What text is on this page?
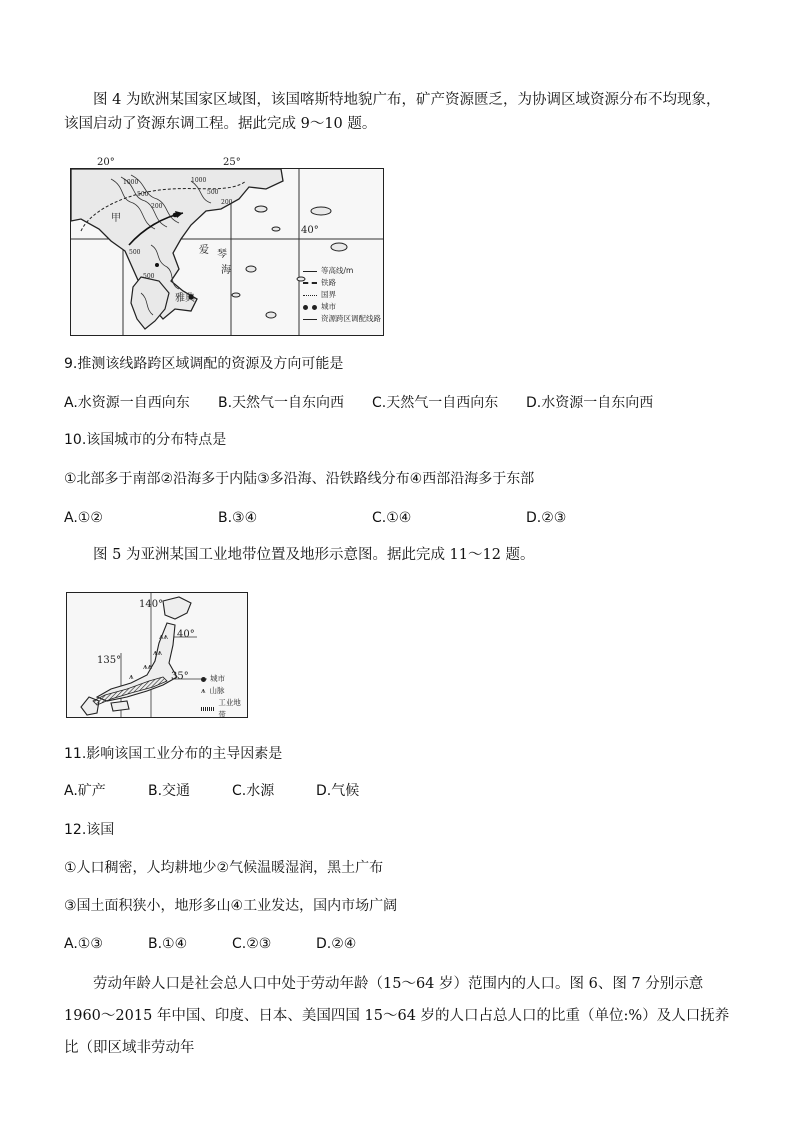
图 4 为欧洲某国家区域图，该国喀斯特地貌广布，矿产资源匮乏，为协调区域资源分布不均现象，该国启动了资源东调工程。据此完成 9～10 题。
20°	25°
40°
甲
爱 琴
海
雅典
1000
500
200
1000
500
200
500
500
等高线/m
铁路
国界
城市
资源跨区调配线路
9.推测该线路跨区域调配的资源及方向可能是
A.水资源一自西向东	B.天然气一自东向西	C.天然气一自西向东	D.水资源一自东向西
10.该国城市的分布特点是
①北部多于南部②沿海多于内陆③多沿海、沿铁路线分布④西部沿海多于东部
A.①②	B.③④	C.①④	D.②③
图 5 为亚洲某国工业地带位置及地形示意图。据此完成 11～12 题。
⩚⩚
⩚⩚
⩚⩚
⩚
140°
40°
135°
35°	城市
⩚ 山脉
工业地带
11.影响该国工业分布的主导因素是
A.矿产	B.交通	C.水源	D.气候
12.该国
①人口稠密，人均耕地少②气候温暖湿润，黑土广布
③国土面积狭小，地形多山④工业发达，国内市场广阔
A.①③	B.①④	C.②③	D.②④
劳动年龄人口是社会总人口中处于劳动年龄（15～64 岁）范围内的人口。图 6、图 7 分别示意 1960～2015 年中国、印度、日本、美国四国 15～64 岁的人口占总人口的比重（单位:%）及人口抚养比（即区域非劳动年
